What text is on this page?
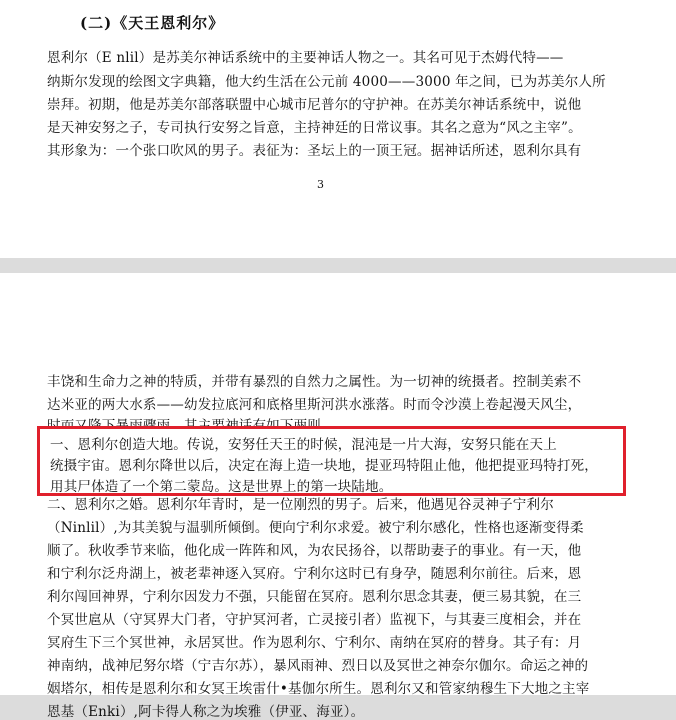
(二)《天王恩利尔》
恩利尔（E nlil）是苏美尔神话系统中的主要神话人物之一。其名可见于杰姆代特——
纳斯尔发现的绘图文字典籍，他大约生活在公元前 4000——3000 年之间，已为苏美尔人所
崇拜。初期，他是苏美尔部落联盟中心城市尼普尔的守护神。在苏美尔神话系统中，说他
是天神安努之子，专司执行安努之旨意，主持神廷的日常议事。其名之意为“风之主宰”。
其形象为：一个张口吹风的男子。表征为：圣坛上的一顶王冠。据神话所述，恩利尔具有
3
丰饶和生命力之神的特质，并带有暴烈的自然力之属性。为一切神的统摄者。控制美索不
达米亚的两大水系——幼发拉底河和底格里斯河洪水涨落。时而令沙漠上卷起漫天风尘，
一、恩利尔创造大地。传说，安努任天王的时候，混沌是一片大海，安努只能在天上
统摄宇宙。恩利尔降世以后，决定在海上造一块地，提亚玛特阻止他，他把提亚玛特打死，
用其尸体造了一个第二蒙岛。这是世界上的第一块陆地。
二、恩利尔之婚。恩利尔年青时，是一位刚烈的男子。后来，他遇见谷灵神子宁利尔
（Ninlil）,为其美貌与温驯所倾倒。便向宁利尔求爱。被宁利尔感化，性格也逐渐变得柔
顺了。秋收季节来临，他化成一阵阵和风，为农民扬谷，以帮助妻子的事业。有一天，他
和宁利尔泛舟湖上，被老辈神逐入冥府。宁利尔这时已有身孕，随恩利尔前往。后来，恩
利尔闯回神界，宁利尔因发力不强，只能留在冥府。恩利尔思念其妻，便三易其貌，在三
个冥世扈从（守冥界大门者，守护冥河者，亡灵接引者）监视下，与其妻三度相会，并在
冥府生下三个冥世神，永居冥世。作为恩利尔、宁利尔、南纳在冥府的替身。其子有：月
神南纳，战神尼努尔塔（宁吉尔苏），暴风雨神、烈日以及冥世之神奈尔伽尔。命运之神的
姻塔尔，相传是恩利尔和女冥王埃雷什•基伽尔所生。恩利尔又和管家纳穆生下大地之主宰
恩基（Enki）,阿卡得人称之为埃雅（伊亚、海亚）。
